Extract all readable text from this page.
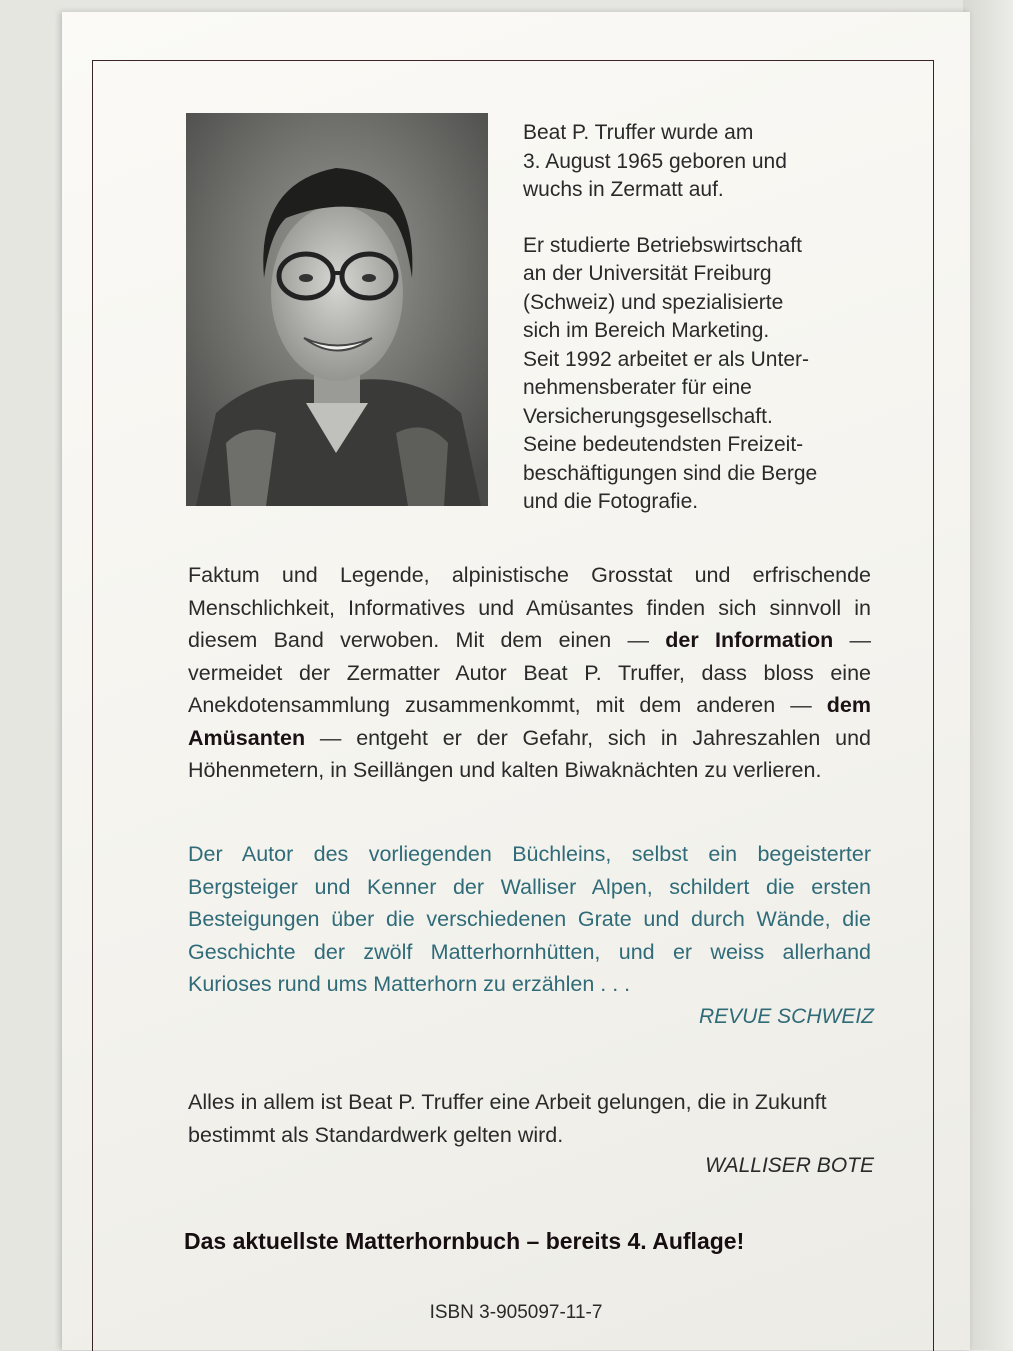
Beat P. Truffer wurde am
3. August 1965 geboren und
wuchs in Zermatt auf.

Er studierte Betriebswirtschaft
an der Universität Freiburg
(Schweiz) und spezialisierte
sich im Bereich Marketing.
Seit 1992 arbeitet er als Unter-
nehmensberater für eine
Versicherungsgesellschaft.
Seine bedeutendsten Freizeit-
beschäftigungen sind die Berge
und die Fotografie.

Faktum und Legende, alpinistische Grosstat und erfrischende Menschlichkeit, Informatives und Amüsantes finden sich sinnvoll in diesem Band verwoben. Mit dem einen — der Information — vermeidet der Zermatter Autor Beat P. Truffer, dass bloss eine Anekdotensammlung zusammenkommt, mit dem anderen — dem Amüsanten — entgeht er der Gefahr, sich in Jahreszahlen und Höhenmetern, in Seillängen und kalten Biwaknächten zu verlieren.
Der Autor des vorliegenden Büchleins, selbst ein begeisterter Bergsteiger und Kenner der Walliser Alpen, schildert die ersten Besteigungen über die verschiedenen Grate und durch Wände, die Geschichte der zwölf Matterhornhütten, und er weiss allerhand Kurioses rund ums Matterhorn zu erzählen . . .
REVUE SCHWEIZ
Alles in allem ist Beat P. Truffer eine Arbeit gelungen, die in Zukunft bestimmt als Standardwerk gelten wird.
WALLISER BOTE
Das aktuellste Matterhornbuch – bereits 4. Auflage!
ISBN 3-905097-11-7
